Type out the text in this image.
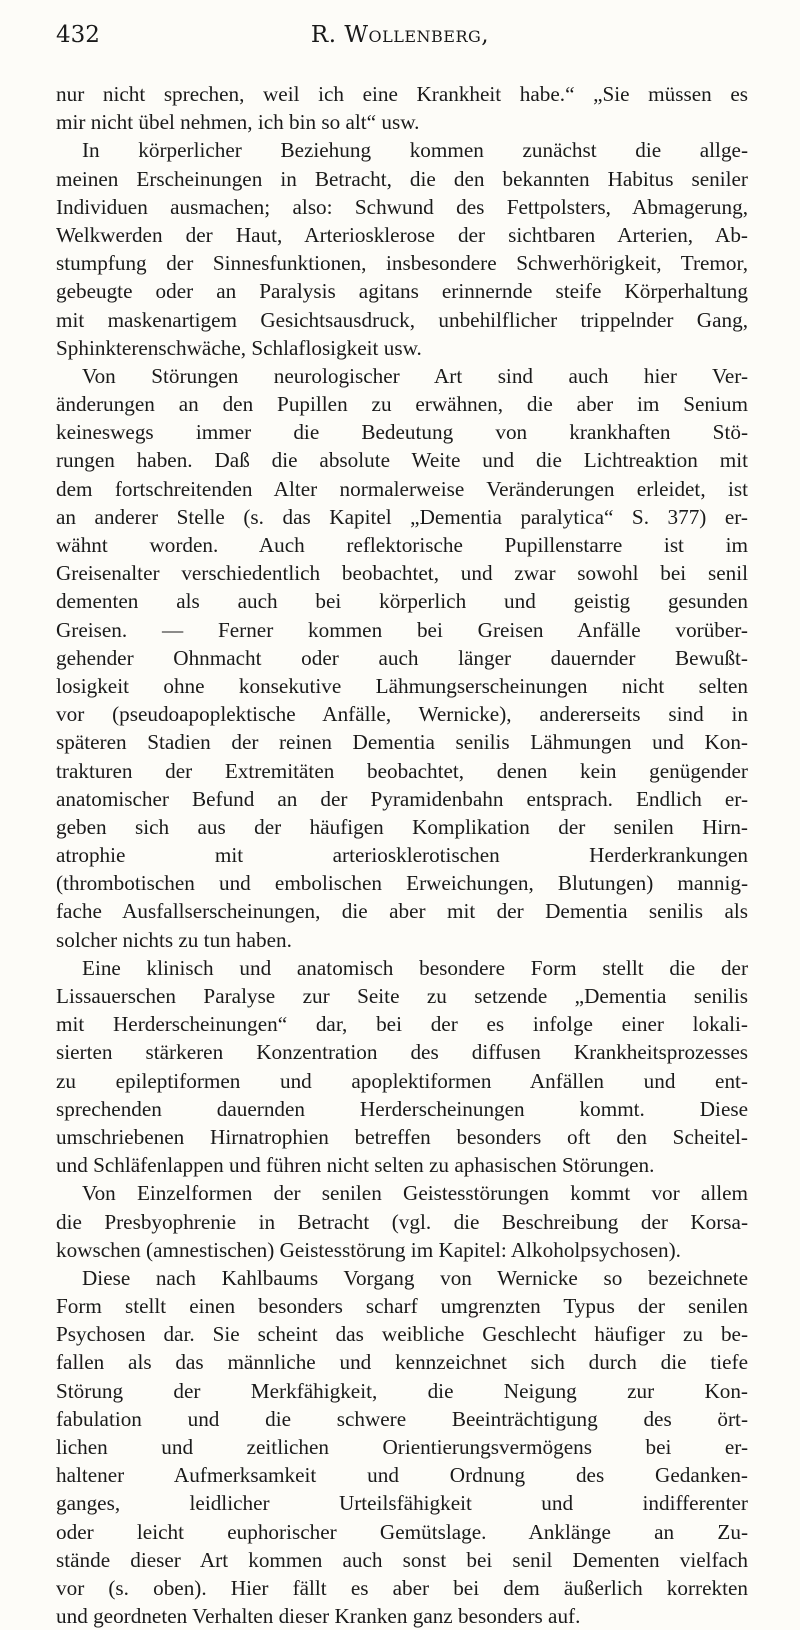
432	R. Wollenberg,
nur nicht sprechen, weil ich eine Krankheit habe.“ „Sie müssen es
mir nicht übel nehmen, ich bin so alt“ usw.
In körperlicher Beziehung kommen zunächst die allge-
meinen Erscheinungen in Betracht, die den bekannten Habitus seniler
Individuen ausmachen; also: Schwund des Fettpolsters, Abmagerung,
Welkwerden der Haut, Arteriosklerose der sichtbaren Arterien, Ab-
stumpfung der Sinnesfunktionen, insbesondere Schwerhörigkeit, Tremor,
gebeugte oder an Paralysis agitans erinnernde steife Körperhaltung
mit maskenartigem Gesichtsausdruck, unbehilflicher trippelnder Gang,
Sphinkterenschwäche, Schlaflosigkeit usw.
Von Störungen neurologischer Art sind auch hier Ver-
änderungen an den Pupillen zu erwähnen, die aber im Senium
keineswegs immer die Bedeutung von krankhaften Stö-
rungen haben. Daß die absolute Weite und die Lichtreaktion mit
dem fortschreitenden Alter normalerweise Veränderungen erleidet, ist
an anderer Stelle (s. das Kapitel „Dementia paralytica“ S. 377) er-
wähnt worden. Auch reflektorische Pupillenstarre ist im
Greisenalter verschiedentlich beobachtet, und zwar sowohl bei senil
dementen als auch bei körperlich und geistig gesunden
Greisen. — Ferner kommen bei Greisen Anfälle vorüber-
gehender Ohnmacht oder auch länger dauernder Bewußt-
losigkeit ohne konsekutive Lähmungserscheinungen nicht selten
vor (pseudoapoplektische Anfälle, Wernicke), andererseits sind in
späteren Stadien der reinen Dementia senilis Lähmungen und Kon-
trakturen der Extremitäten beobachtet, denen kein genügender
anatomischer Befund an der Pyramidenbahn entsprach. Endlich er-
geben sich aus der häufigen Komplikation der senilen Hirn-
atrophie mit arteriosklerotischen Herderkrankungen
(thrombotischen und embolischen Erweichungen, Blutungen) mannig-
fache Ausfallserscheinungen, die aber mit der Dementia senilis als
solcher nichts zu tun haben.
Eine klinisch und anatomisch besondere Form stellt die der
Lissauerschen Paralyse zur Seite zu setzende „Dementia senilis
mit Herderscheinungen“ dar, bei der es infolge einer lokali-
sierten stärkeren Konzentration des diffusen Krankheitsprozesses
zu epileptiformen und apoplektiformen Anfällen und ent-
sprechenden dauernden Herderscheinungen kommt. Diese
umschriebenen Hirnatrophien betreffen besonders oft den Scheitel-
und Schläfenlappen und führen nicht selten zu aphasischen Störungen.
Von Einzelformen der senilen Geistesstörungen kommt vor allem
die Presbyophrenie in Betracht (vgl. die Beschreibung der Korsa-
kowschen (amnestischen) Geistesstörung im Kapitel: Alkoholpsychosen).
Diese nach Kahlbaums Vorgang von Wernicke so bezeichnete
Form stellt einen besonders scharf umgrenzten Typus der senilen
Psychosen dar. Sie scheint das weibliche Geschlecht häufiger zu be-
fallen als das männliche und kennzeichnet sich durch die tiefe
Störung der Merkfähigkeit, die Neigung zur Kon-
fabulation und die schwere Beeinträchtigung des ört-
lichen und zeitlichen Orientierungsvermögens bei er-
haltener Aufmerksamkeit und Ordnung des Gedanken-
ganges, leidlicher Urteilsfähigkeit und indifferenter
oder leicht euphorischer Gemütslage. Anklänge an Zu-
stände dieser Art kommen auch sonst bei senil Dementen vielfach
vor (s. oben). Hier fällt es aber bei dem äußerlich korrekten
und geordneten Verhalten dieser Kranken ganz besonders auf.
